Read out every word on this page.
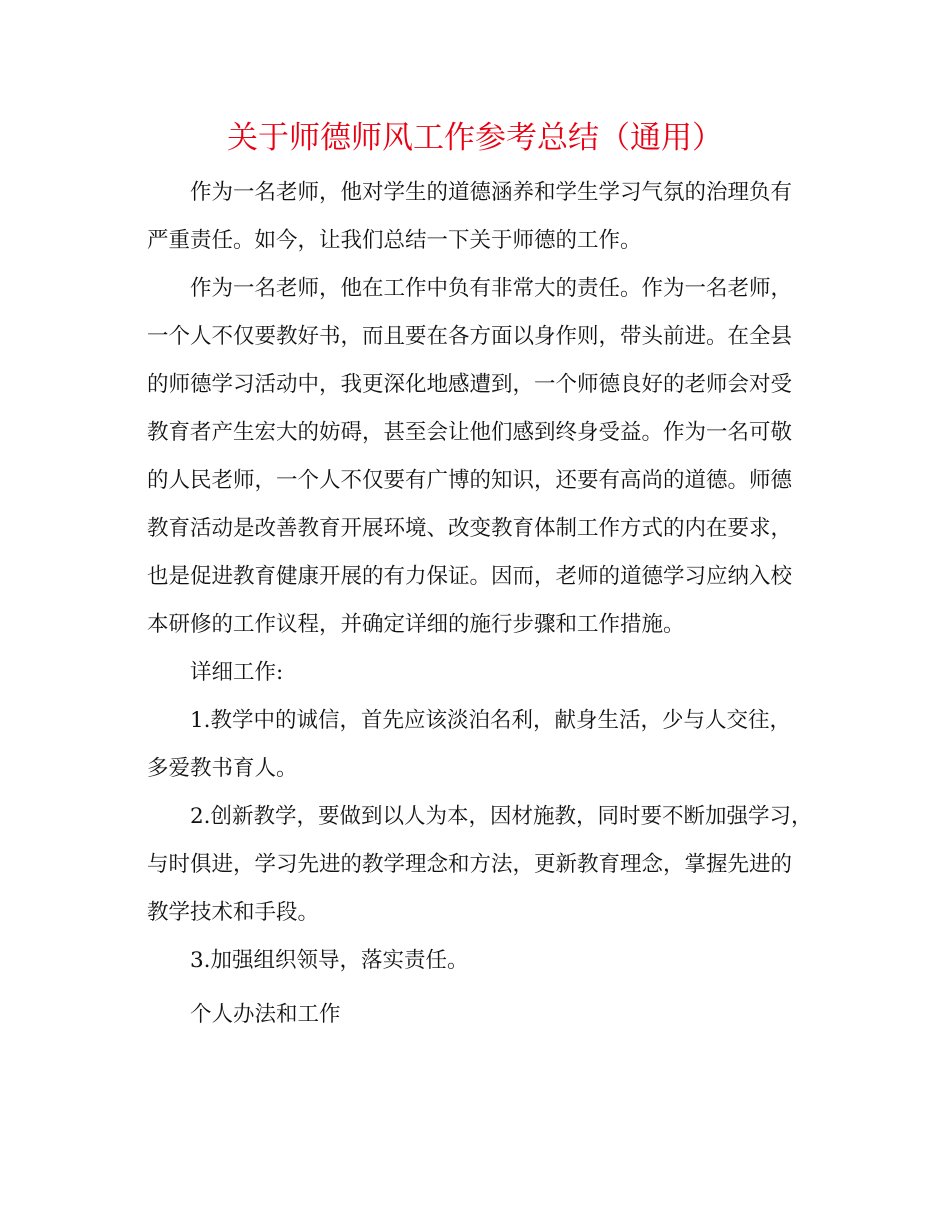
关于师德师风工作参考总结（通用）
作为一名老师，他对学生的道德涵养和学生学习气氛的治理负有
严重责任。如今，让我们总结一下关于师德的工作。
作为一名老师，他在工作中负有非常大的责任。作为一名老师，
一个人不仅要教好书，而且要在各方面以身作则，带头前进。在全县
的师德学习活动中，我更深化地感遭到，一个师德良好的老师会对受
教育者产生宏大的妨碍，甚至会让他们感到终身受益。作为一名可敬
的人民老师，一个人不仅要有广博的知识，还要有高尚的道德。师德
教育活动是改善教育开展环境、改变教育体制工作方式的内在要求，
也是促进教育健康开展的有力保证。因而，老师的道德学习应纳入校
本研修的工作议程，并确定详细的施行步骤和工作措施。
详细工作:
1.教学中的诚信，首先应该淡泊名利，献身生活，少与人交往，
多爱教书育人。
2.创新教学，要做到以人为本，因材施教，同时要不断加强学习，
与时俱进，学习先进的教学理念和方法，更新教育理念，掌握先进的
教学技术和手段。
3.加强组织领导，落实责任。
个人办法和工作
